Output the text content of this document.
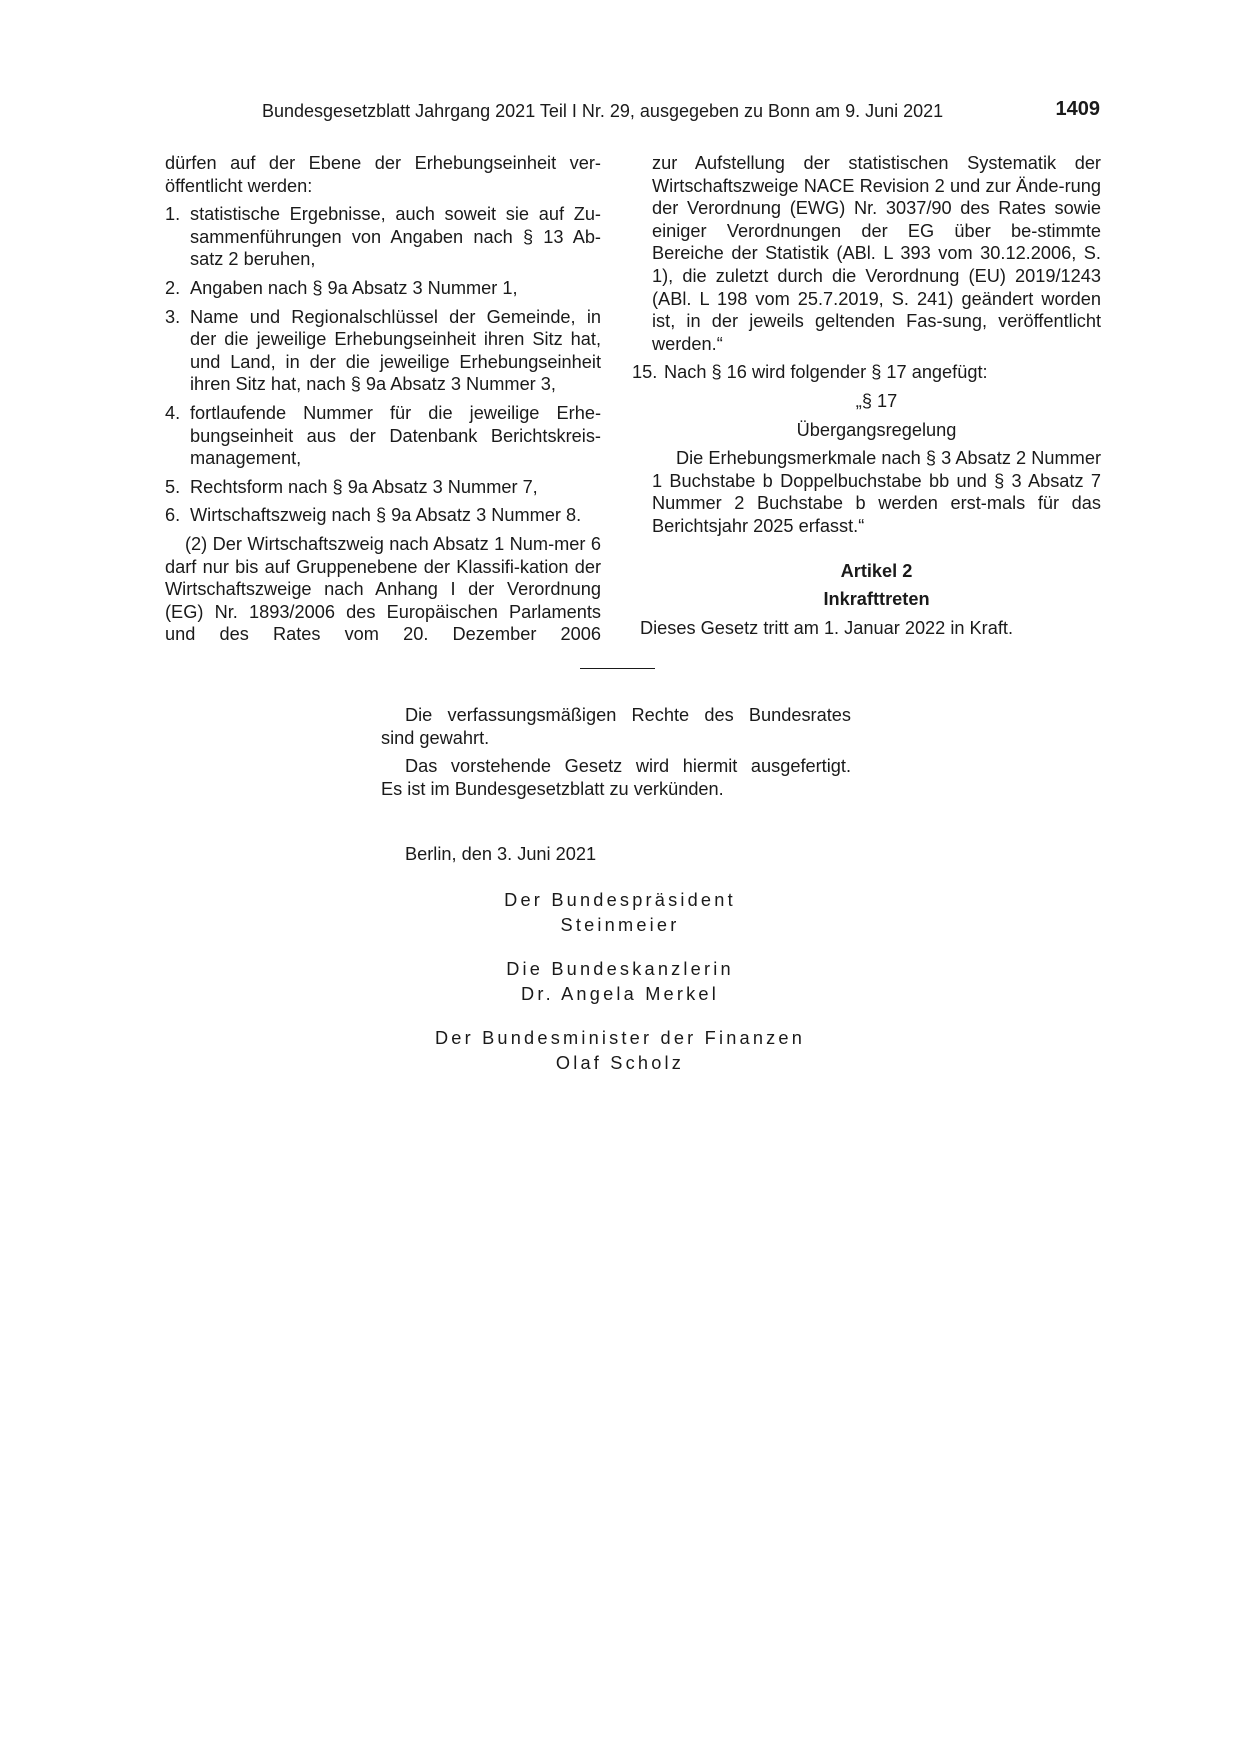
Bundesgesetzblatt Jahrgang 2021 Teil I Nr. 29, ausgegeben zu Bonn am 9. Juni 2021	1409

dürfen auf der Ebene der Erhebungseinheit ver-

öffentlicht werden:

1. statistische Ergebnisse, auch soweit sie auf Zu-sammenführungen von Angaben nach § 13 Ab-satz 2 beruhen,
2. Angaben nach § 9a Absatz 3 Nummer 1,
3. Name und Regionalschlüssel der Gemeinde, in der die jeweilige Erhebungseinheit ihren Sitz hat, und Land, in der die jeweilige Erhebungseinheit ihren Sitz hat, nach § 9a Absatz 3 Nummer 3,
4. fortlaufende Nummer für die jeweilige Erhe-bungseinheit aus der Datenbank Berichtskreis-management,
5. Rechtsform nach § 9a Absatz 3 Nummer 7,
6. Wirtschaftszweig nach § 9a Absatz 3 Nummer 8.

(2) Der Wirtschaftszweig nach Absatz 1 Num-mer 6 darf nur bis auf Gruppenebene der Klassifi-kation der Wirtschaftszweige nach Anhang I der Verordnung (EG) Nr. 1893/2006 des Europäischen Parlaments und des Rates vom 20. Dezember 2006

zur Aufstellung der statistischen Systematik der Wirtschaftszweige NACE Revision 2 und zur Ände-rung der Verordnung (EWG) Nr. 3037/90 des Rates sowie einiger Verordnungen der EG über be-stimmte Bereiche der Statistik (ABl. L 393 vom 30.12.2006, S. 1), die zuletzt durch die Verordnung (EU) 2019/1243 (ABl. L 198 vom 25.7.2019, S. 241) geändert worden ist, in der jeweils geltenden Fas-sung, veröffentlicht werden.“

15. Nach § 16 wird folgender § 17 angefügt:

„§ 17

Übergangsregelung

Die Erhebungsmerkmale nach § 3 Absatz 2 Nummer 1 Buchstabe b Doppelbuchstabe bb und § 3 Absatz 7 Nummer 2 Buchstabe b werden erst-mals für das Berichtsjahr 2025 erfasst.“

Artikel 2

Inkrafttreten

Dieses Gesetz tritt am 1. Januar 2022 in Kraft.

Die verfassungsmäßigen Rechte des Bundesrates

sind gewahrt.

Das vorstehende Gesetz wird hiermit ausgefertigt.

Es ist im Bundesgesetzblatt zu verkünden.

Berlin, den 3. Juni 2021

Der Bundespräsident

Steinmeier

Die Bundeskanzlerin

Dr. Angela Merkel

Der Bundesminister der Finanzen

Olaf Scholz
